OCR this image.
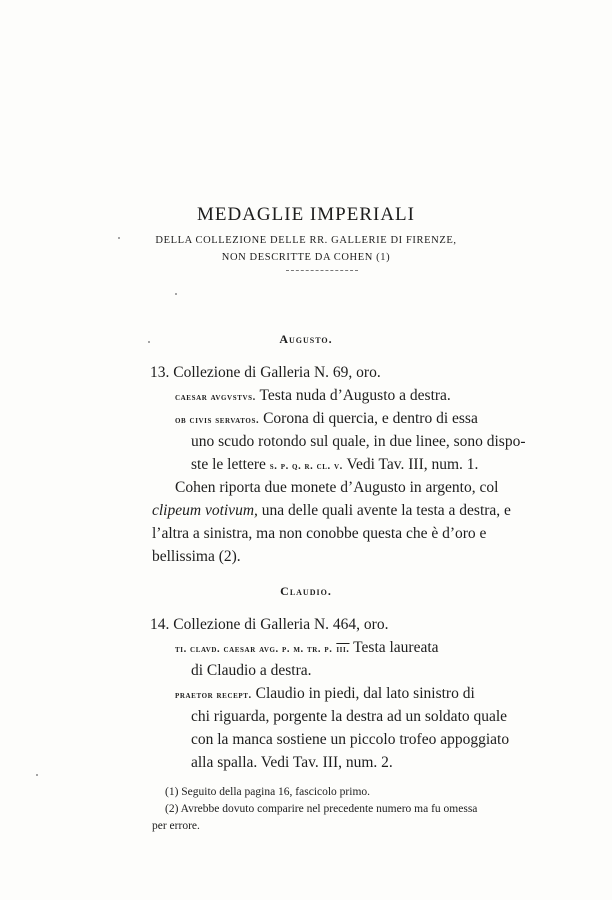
MEDAGLIE IMPERIALI
DELLA COLLEZIONE DELLE RR. GALLERIE DI FIRENZE,
NON DESCRITTE DA COHEN (1)
Augusto.
13. Collezione di Galleria N. 69, oro.
caesar avgvstvs. Testa nuda d’Augusto a destra.
ob civis servatos. Corona di quercia, e dentro di essa
uno scudo rotondo sul quale, in due linee, sono dispo-
ste le lettere s. p. q. r. cl. v. Vedi Tav. III, num. 1.
Cohen riporta due monete d’Augusto in argento, col
clipeum votivum, una delle quali avente la testa a destra, e
l’altra a sinistra, ma non conobbe questa che è d’oro e
bellissima (2).
Claudio.
14. Collezione di Galleria N. 464, oro.
ti. clavd. caesar avg. p. m. tr. p. iii. Testa laureata
di Claudio a destra.
praetor recept. Claudio in piedi, dal lato sinistro di
chi riguarda, porgente la destra ad un soldato quale
con la manca sostiene un piccolo trofeo appoggiato
alla spalla. Vedi Tav. III, num. 2.
(1) Seguito della pagina 16, fascicolo primo.
(2) Avrebbe dovuto comparire nel precedente numero ma fu omessa
per errore.
